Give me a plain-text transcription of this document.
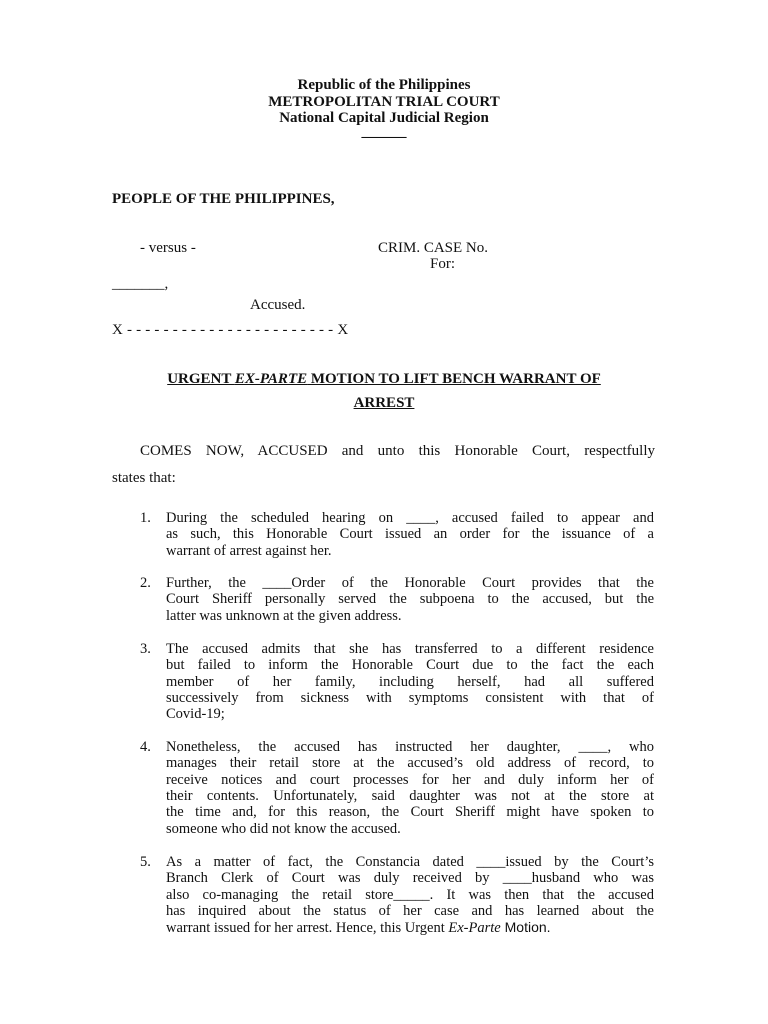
Republic of the Philippines
METROPOLITAN TRIAL COURT
National Capital Judicial Region
______
PEOPLE OF THE PHILIPPINES,
- versus -	CRIM. CASE No.
For:
_______,
Accused.
X - - - - - - - - - - - - - - - - - - - - - - - X
URGENT EX-PARTE MOTION TO LIFT BENCH WARRANT OF
ARREST
COMES NOW, ACCUSED and unto this Honorable Court, respectfully
states that:
1. During the scheduled hearing on ____, accused failed to appear and
as such, this Honorable Court issued an order for the issuance of a
warrant of arrest against her.
2. Further, the ____Order of the Honorable Court provides that the
Court Sheriff personally served the subpoena to the accused, but the
latter was unknown at the given address.
3. The accused admits that she has transferred to a different residence
but failed to inform the Honorable Court due to the fact the each
member of her family, including herself, had all suffered
successively from sickness with symptoms consistent with that of
Covid-19;
4. Nonetheless, the accused has instructed her daughter, ____, who
manages their retail store at the accused’s old address of record, to
receive notices and court processes for her and duly inform her of
their contents. Unfortunately, said daughter was not at the store at
the time and, for this reason, the Court Sheriff might have spoken to
someone who did not know the accused.
5. As a matter of fact, the Constancia dated ____issued by the Court’s
Branch Clerk of Court was duly received by ____husband who was
also co-managing the retail store_____. It was then that the accused
has inquired about the status of her case and has learned about the
warrant issued for her arrest. Hence, this Urgent Ex-Parte Motion.
